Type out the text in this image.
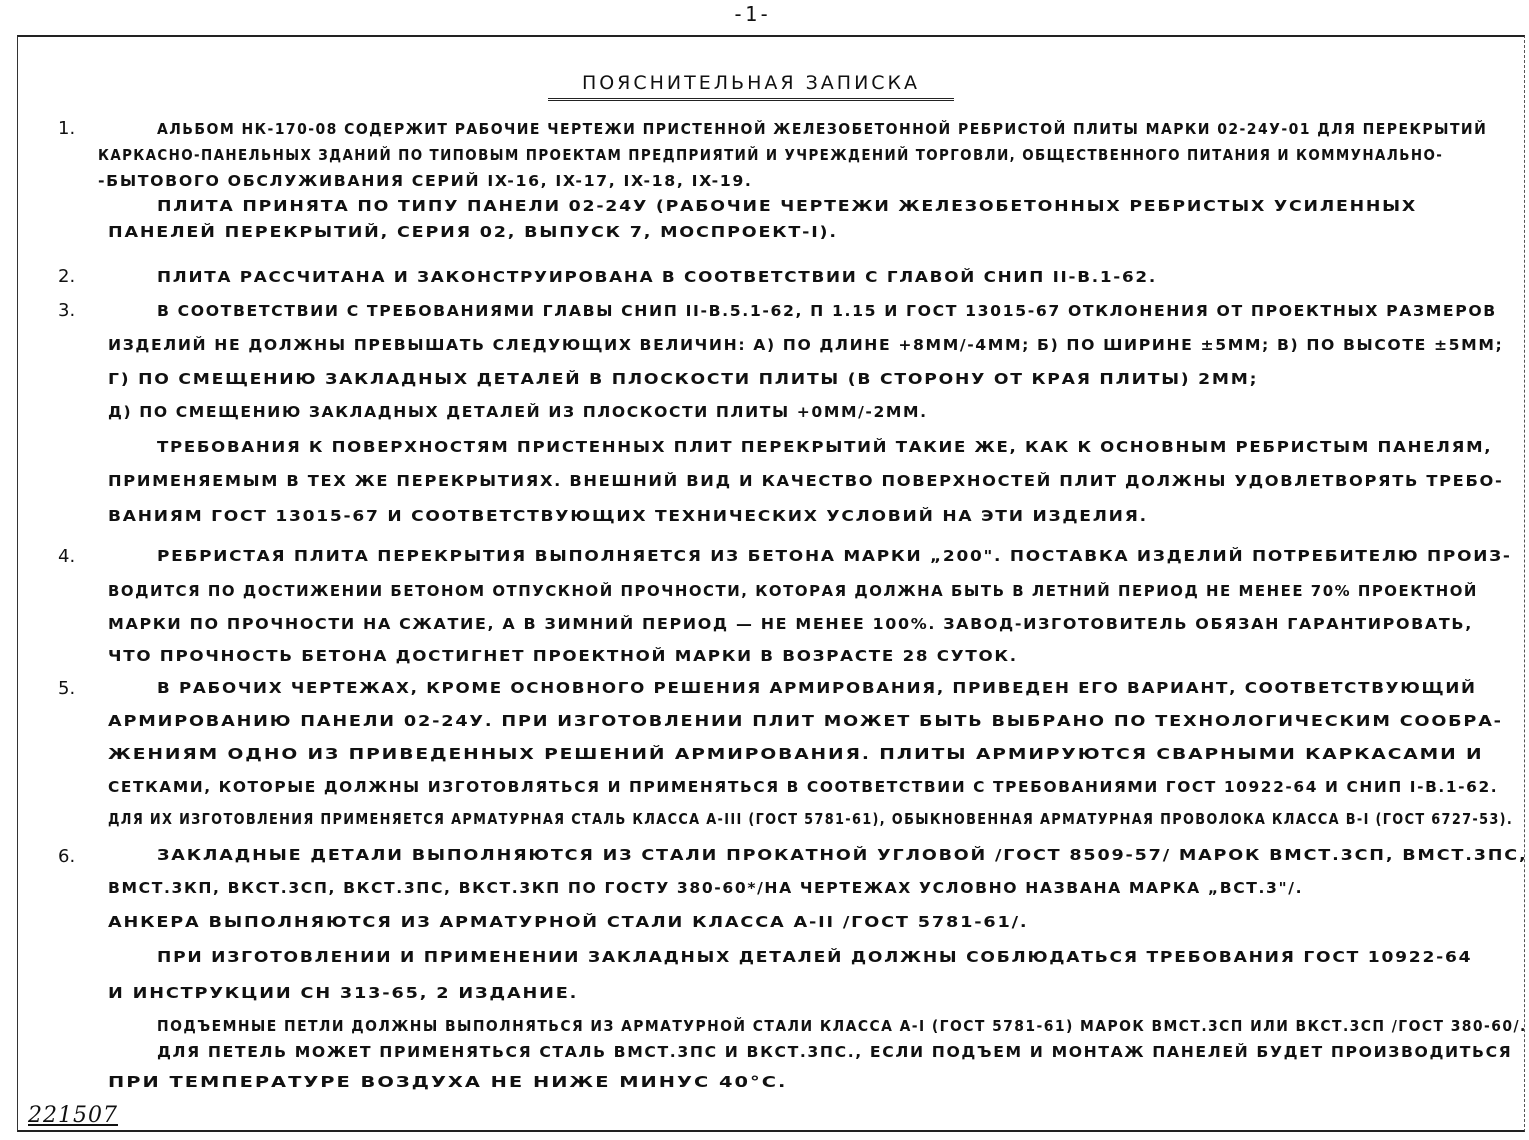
-1-
ПОЯСНИТЕЛЬНАЯ ЗАПИСКА
1.
2.
3.
4.
5.
6.
АЛЬБОМ НК-170-08 СОДЕРЖИТ РАБОЧИЕ ЧЕРТЕЖИ ПРИСТЕННОЙ ЖЕЛЕЗОБЕТОННОЙ РЕБРИСТОЙ ПЛИТЫ МАРКИ 02-24У-01 ДЛЯ ПЕРЕКРЫТИЙ
КАРКАСНО-ПАНЕЛЬНЫХ ЗДАНИЙ ПО ТИПОВЫМ ПРОЕКТАМ ПРЕДПРИЯТИЙ И УЧРЕЖДЕНИЙ ТОРГОВЛИ, ОБЩЕСТВЕННОГО ПИТАНИЯ И КОММУНАЛЬНО-
-БЫТОВОГО ОБСЛУЖИВАНИЯ СЕРИЙ IX-16, IX-17, IX-18, IX-19.
ПЛИТА ПРИНЯТА ПО ТИПУ ПАНЕЛИ 02-24У (РАБОЧИЕ ЧЕРТЕЖИ ЖЕЛЕЗОБЕТОННЫХ РЕБРИСТЫХ УСИЛЕННЫХ
ПАНЕЛЕЙ ПЕРЕКРЫТИЙ, СЕРИЯ 02, ВЫПУСК 7, МОСПРОЕКТ-I).
ПЛИТА РАССЧИТАНА И ЗАКОНСТРУИРОВАНА В СООТВЕТСТВИИ С ГЛАВОЙ СНИП II-В.1-62.
В СООТВЕТСТВИИ С ТРЕБОВАНИЯМИ ГЛАВЫ СНИП II-В.5.1-62, П 1.15 И ГОСТ 13015-67 ОТКЛОНЕНИЯ ОТ ПРОЕКТНЫХ РАЗМЕРОВ
ИЗДЕЛИЙ НЕ ДОЛЖНЫ ПРЕВЫШАТЬ СЛЕДУЮЩИХ ВЕЛИЧИН: А) ПО ДЛИНЕ +8ММ/-4ММ; Б) ПО ШИРИНЕ ±5ММ; В) ПО ВЫСОТЕ ±5ММ;
Г) ПО СМЕЩЕНИЮ ЗАКЛАДНЫХ ДЕТАЛЕЙ В ПЛОСКОСТИ ПЛИТЫ (В СТОРОНУ ОТ КРАЯ ПЛИТЫ) 2ММ;
Д) ПО СМЕЩЕНИЮ ЗАКЛАДНЫХ ДЕТАЛЕЙ ИЗ ПЛОСКОСТИ ПЛИТЫ +0ММ/-2ММ.
ТРЕБОВАНИЯ К ПОВЕРХНОСТЯМ ПРИСТЕННЫХ ПЛИТ ПЕРЕКРЫТИЙ ТАКИЕ ЖЕ, КАК К ОСНОВНЫМ РЕБРИСТЫМ ПАНЕЛЯМ,
ПРИМЕНЯЕМЫМ В ТЕХ ЖЕ ПЕРЕКРЫТИЯХ. ВНЕШНИЙ ВИД И КАЧЕСТВО ПОВЕРХНОСТЕЙ ПЛИТ ДОЛЖНЫ УДОВЛЕТВОРЯТЬ ТРЕБО-
ВАНИЯМ ГОСТ 13015-67 И СООТВЕТСТВУЮЩИХ ТЕХНИЧЕСКИХ УСЛОВИЙ НА ЭТИ ИЗДЕЛИЯ.
РЕБРИСТАЯ ПЛИТА ПЕРЕКРЫТИЯ ВЫПОЛНЯЕТСЯ ИЗ БЕТОНА МАРКИ „200". ПОСТАВКА ИЗДЕЛИЙ ПОТРЕБИТЕЛЮ ПРОИЗ-
ВОДИТСЯ ПО ДОСТИЖЕНИИ БЕТОНОМ ОТПУСКНОЙ ПРОЧНОСТИ, КОТОРАЯ ДОЛЖНА БЫТЬ В ЛЕТНИЙ ПЕРИОД НЕ МЕНЕЕ 70% ПРОЕКТНОЙ
МАРКИ ПО ПРОЧНОСТИ НА СЖАТИЕ, А В ЗИМНИЙ ПЕРИОД — НЕ МЕНЕЕ 100%. ЗАВОД-ИЗГОТОВИТЕЛЬ ОБЯЗАН ГАРАНТИРОВАТЬ,
ЧТО ПРОЧНОСТЬ БЕТОНА ДОСТИГНЕТ ПРОЕКТНОЙ МАРКИ В ВОЗРАСТЕ 28 СУТОК.
В РАБОЧИХ ЧЕРТЕЖАХ, КРОМЕ ОСНОВНОГО РЕШЕНИЯ АРМИРОВАНИЯ, ПРИВЕДЕН ЕГО ВАРИАНТ, СООТВЕТСТВУЮЩИЙ
АРМИРОВАНИЮ ПАНЕЛИ 02-24У. ПРИ ИЗГОТОВЛЕНИИ ПЛИТ МОЖЕТ БЫТЬ ВЫБРАНО ПО ТЕХНОЛОГИЧЕСКИМ СООБРА-
ЖЕНИЯМ ОДНО ИЗ ПРИВЕДЕННЫХ РЕШЕНИЙ АРМИРОВАНИЯ. ПЛИТЫ АРМИРУЮТСЯ СВАРНЫМИ КАРКАСАМИ И
СЕТКАМИ, КОТОРЫЕ ДОЛЖНЫ ИЗГОТОВЛЯТЬСЯ И ПРИМЕНЯТЬСЯ В СООТВЕТСТВИИ С ТРЕБОВАНИЯМИ ГОСТ 10922-64 И СНИП I-В.1-62.
ДЛЯ ИХ ИЗГОТОВЛЕНИЯ ПРИМЕНЯЕТСЯ АРМАТУРНАЯ СТАЛЬ КЛАССА А-III (ГОСТ 5781-61), ОБЫКНОВЕННАЯ АРМАТУРНАЯ ПРОВОЛОКА КЛАССА В-I (ГОСТ 6727-53).
ЗАКЛАДНЫЕ ДЕТАЛИ ВЫПОЛНЯЮТСЯ ИЗ СТАЛИ ПРОКАТНОЙ УГЛОВОЙ /ГОСТ 8509-57/ МАРОК ВМСТ.3СП, ВМСТ.3ПС,
ВМСТ.3КП, ВКСТ.3СП, ВКСТ.3ПС, ВКСТ.3КП ПО ГОСТУ 380-60*/НА ЧЕРТЕЖАХ УСЛОВНО НАЗВАНА МАРКА „ВСТ.3"/.
АНКЕРА ВЫПОЛНЯЮТСЯ ИЗ АРМАТУРНОЙ СТАЛИ КЛАССА А-II /ГОСТ 5781-61/.
ПРИ ИЗГОТОВЛЕНИИ И ПРИМЕНЕНИИ ЗАКЛАДНЫХ ДЕТАЛЕЙ ДОЛЖНЫ СОБЛЮДАТЬСЯ ТРЕБОВАНИЯ ГОСТ 10922-64
И ИНСТРУКЦИИ СН 313-65, 2 ИЗДАНИЕ.
ПОДЪЕМНЫЕ ПЕТЛИ ДОЛЖНЫ ВЫПОЛНЯТЬСЯ ИЗ АРМАТУРНОЙ СТАЛИ КЛАССА А-I (ГОСТ 5781-61) МАРОК ВМСТ.3СП ИЛИ ВКСТ.3СП /ГОСТ 380-60/.
ДЛЯ ПЕТЕЛЬ МОЖЕТ ПРИМЕНЯТЬСЯ СТАЛЬ ВМСТ.3ПС И ВКСТ.3ПС., ЕСЛИ ПОДЪЕМ И МОНТАЖ ПАНЕЛЕЙ БУДЕТ ПРОИЗВОДИТЬСЯ
ПРИ ТЕМПЕРАТУРЕ ВОЗДУХА НЕ НИЖЕ МИНУС 40°С.
221507
